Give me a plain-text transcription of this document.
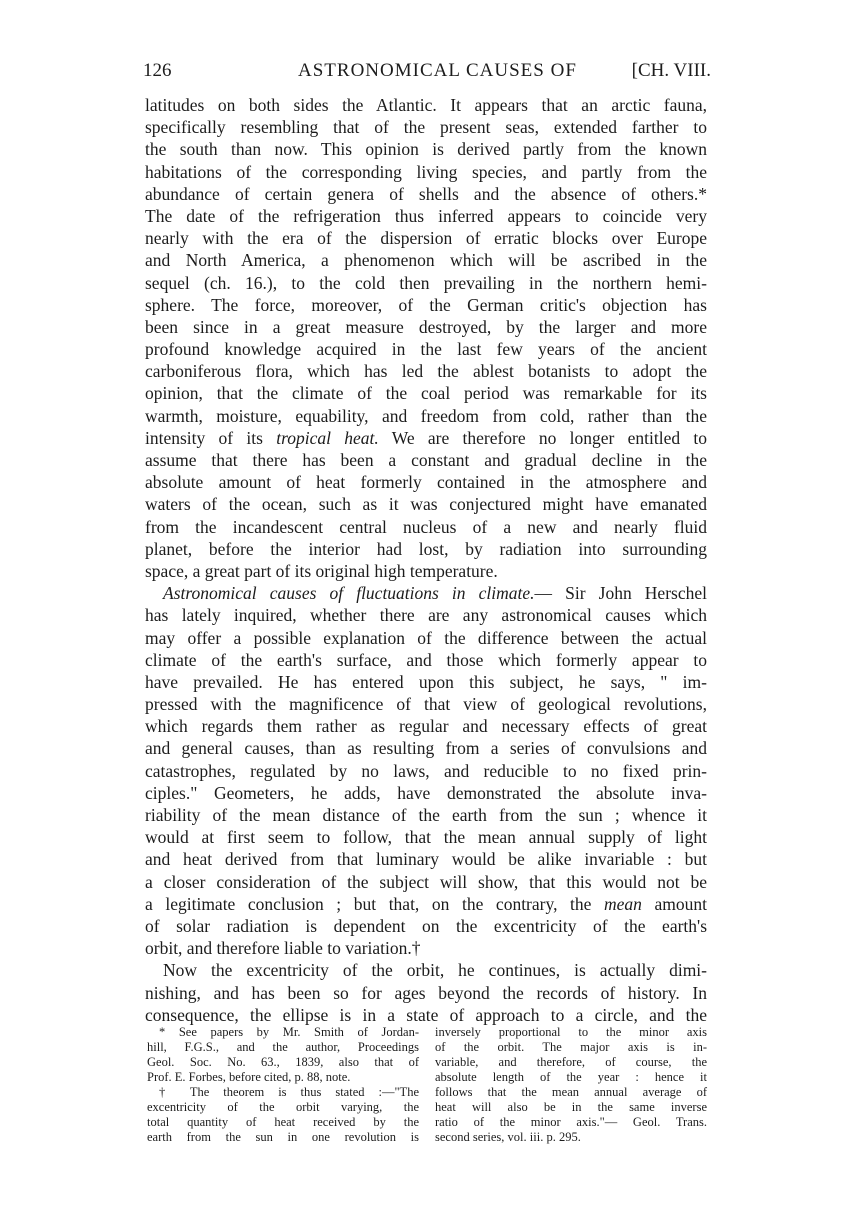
126	ASTRONOMICAL CAUSES OF	[CH. VIII.
latitudes on both sides the Atlantic. It appears that an arctic fauna,
specifically resembling that of the present seas, extended farther to
the south than now. This opinion is derived partly from the known
habitations of the corresponding living species, and partly from the
abundance of certain genera of shells and the absence of others.*
The date of the refrigeration thus inferred appears to coincide very
nearly with the era of the dispersion of erratic blocks over Europe
and North America, a phenomenon which will be ascribed in the
sequel (ch. 16.), to the cold then prevailing in the northern hemi-
sphere. The force, moreover, of the German critic's objection has
been since in a great measure destroyed, by the larger and more
profound knowledge acquired in the last few years of the ancient
carboniferous flora, which has led the ablest botanists to adopt the
opinion, that the climate of the coal period was remarkable for its
warmth, moisture, equability, and freedom from cold, rather than the
intensity of its tropical heat. We are therefore no longer entitled to
assume that there has been a constant and gradual decline in the
absolute amount of heat formerly contained in the atmosphere and
waters of the ocean, such as it was conjectured might have emanated
from the incandescent central nucleus of a new and nearly fluid
planet, before the interior had lost, by radiation into surrounding
space, a great part of its original high temperature.
Astronomical causes of fluctuations in climate.— Sir John Herschel
has lately inquired, whether there are any astronomical causes which
may offer a possible explanation of the difference between the actual
climate of the earth's surface, and those which formerly appear to
have prevailed. He has entered upon this subject, he says, " im-
pressed with the magnificence of that view of geological revolutions,
which regards them rather as regular and necessary effects of great
and general causes, than as resulting from a series of convulsions and
catastrophes, regulated by no laws, and reducible to no fixed prin-
ciples." Geometers, he adds, have demonstrated the absolute inva-
riability of the mean distance of the earth from the sun ; whence it
would at first seem to follow, that the mean annual supply of light
and heat derived from that luminary would be alike invariable : but
a closer consideration of the subject will show, that this would not be
a legitimate conclusion ; but that, on the contrary, the mean amount
of solar radiation is dependent on the excentricity of the earth's
orbit, and therefore liable to variation.†
Now the excentricity of the orbit, he continues, is actually dimi-
nishing, and has been so for ages beyond the records of history. In
consequence, the ellipse is in a state of approach to a circle, and the
* See papers by Mr. Smith of Jordan-
hill, F.G.S., and the author, Proceedings
Geol. Soc. No. 63., 1839, also that of
Prof. E. Forbes, before cited, p. 88, note.
† The theorem is thus stated :—"The
excentricity of the orbit varying, the
total quantity of heat received by the
earth from the sun in one revolution is
inversely proportional to the minor axis
of the orbit. The major axis is in-
variable, and therefore, of course, the
absolute length of the year : hence it
follows that the mean annual average of
heat will also be in the same inverse
ratio of the minor axis."— Geol. Trans.
second series, vol. iii. p. 295.
